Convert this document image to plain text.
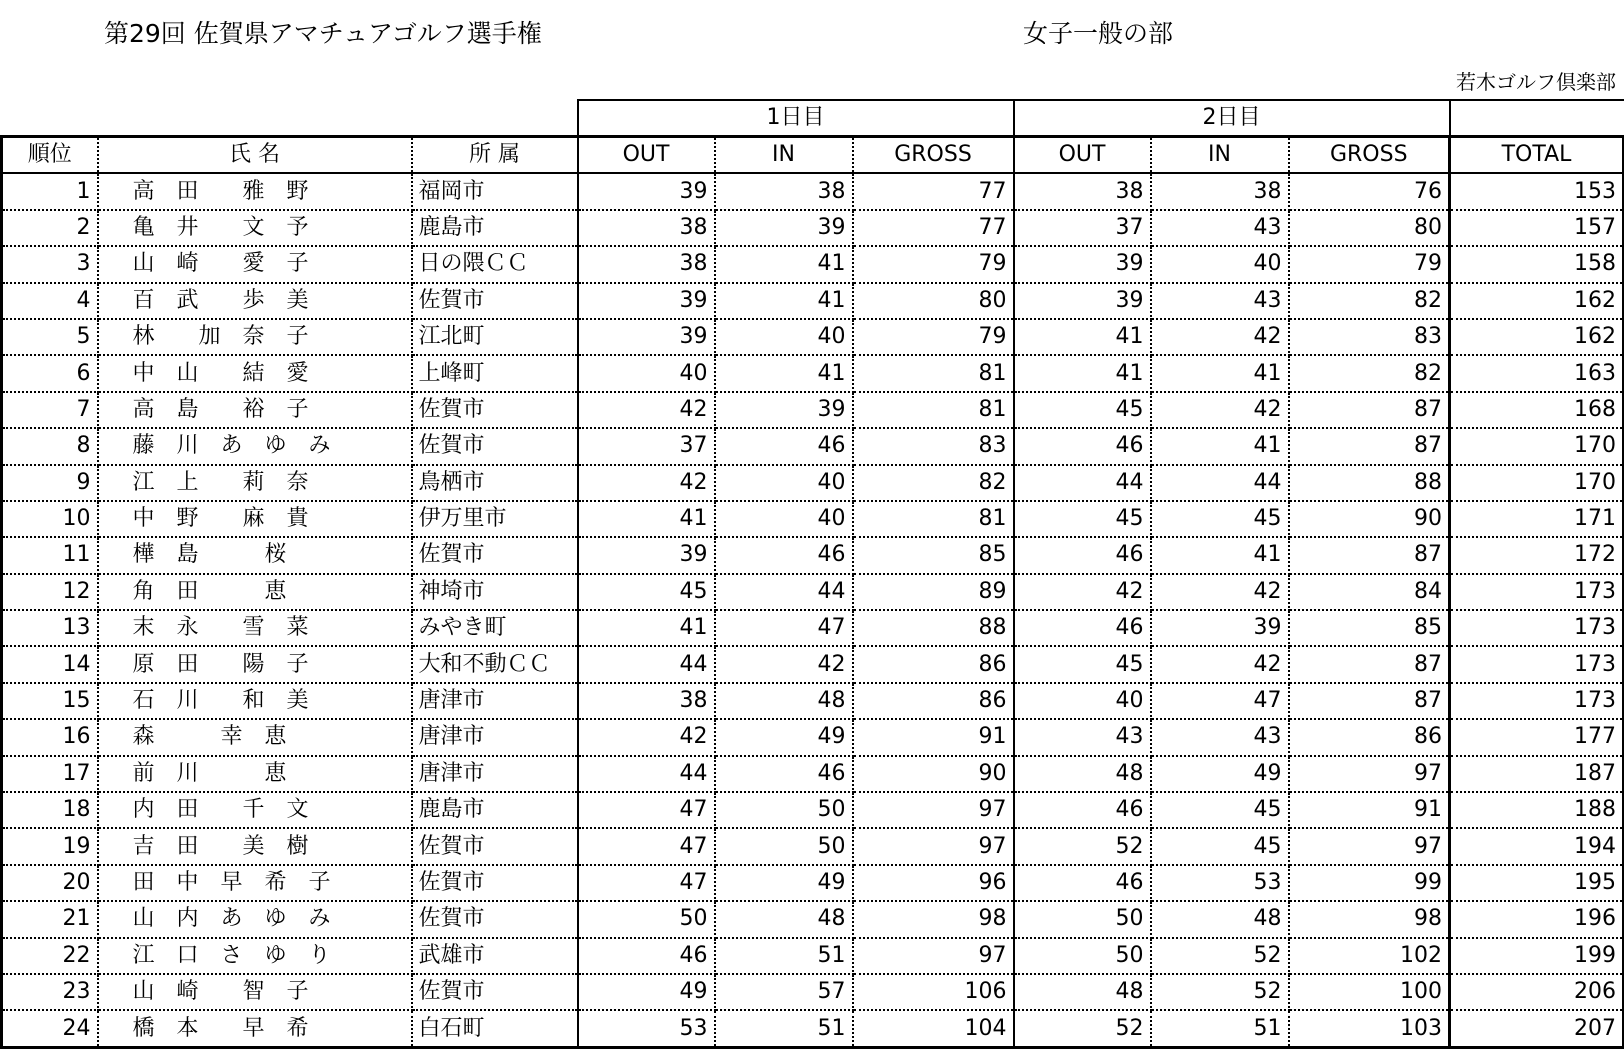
第29回 佐賀県アマチュアゴルフ選手権	女子一般の部
若木ゴルフ倶楽部
			1日目			2日目			
順位	氏 名	所 属	OUT	IN	GROSS	OUT	IN	GROSS	TOTAL
1	高　田　　雅　野	福岡市	39	38	77	38	38	76	153
2	亀　井　　文　予	鹿島市	38	39	77	37	43	80	157
3	山　崎　　愛　子	日の隈ＣＣ	38	41	79	39	40	79	158
4	百　武　　歩　美	佐賀市	39	41	80	39	43	82	162
5	林　　加　奈　子	江北町	39	40	79	41	42	83	162
6	中　山　　結　愛	上峰町	40	41	81	41	41	82	163
7	高　島　　裕　子	佐賀市	42	39	81	45	42	87	168
8	藤　川　あ　ゆ　み	佐賀市	37	46	83	46	41	87	170
9	江　上　　莉　奈	鳥栖市	42	40	82	44	44	88	170
10	中　野　　麻　貴	伊万里市	41	40	81	45	45	90	171
11	樺　島　　　桜	佐賀市	39	46	85	46	41	87	172
12	角　田　　　恵	神埼市	45	44	89	42	42	84	173
13	末　永　　雪　菜	みやき町	41	47	88	46	39	85	173
14	原　田　　陽　子	大和不動ＣＣ	44	42	86	45	42	87	173
15	石　川　　和　美	唐津市	38	48	86	40	47	87	173
16	森　　　幸　恵	唐津市	42	49	91	43	43	86	177
17	前　川　　　恵	唐津市	44	46	90	48	49	97	187
18	内　田　　千　文	鹿島市	47	50	97	46	45	91	188
19	吉　田　　美　樹	佐賀市	47	50	97	52	45	97	194
20	田　中　早　希　子	佐賀市	47	49	96	46	53	99	195
21	山　内　あ　ゆ　み	佐賀市	50	48	98	50	48	98	196
22	江　口　さ　ゆ　り	武雄市	46	51	97	50	52	102	199
23	山　崎　　智　子	佐賀市	49	57	106	48	52	100	206
24	橋　本　　早　希	白石町	53	51	104	52	51	103	207
